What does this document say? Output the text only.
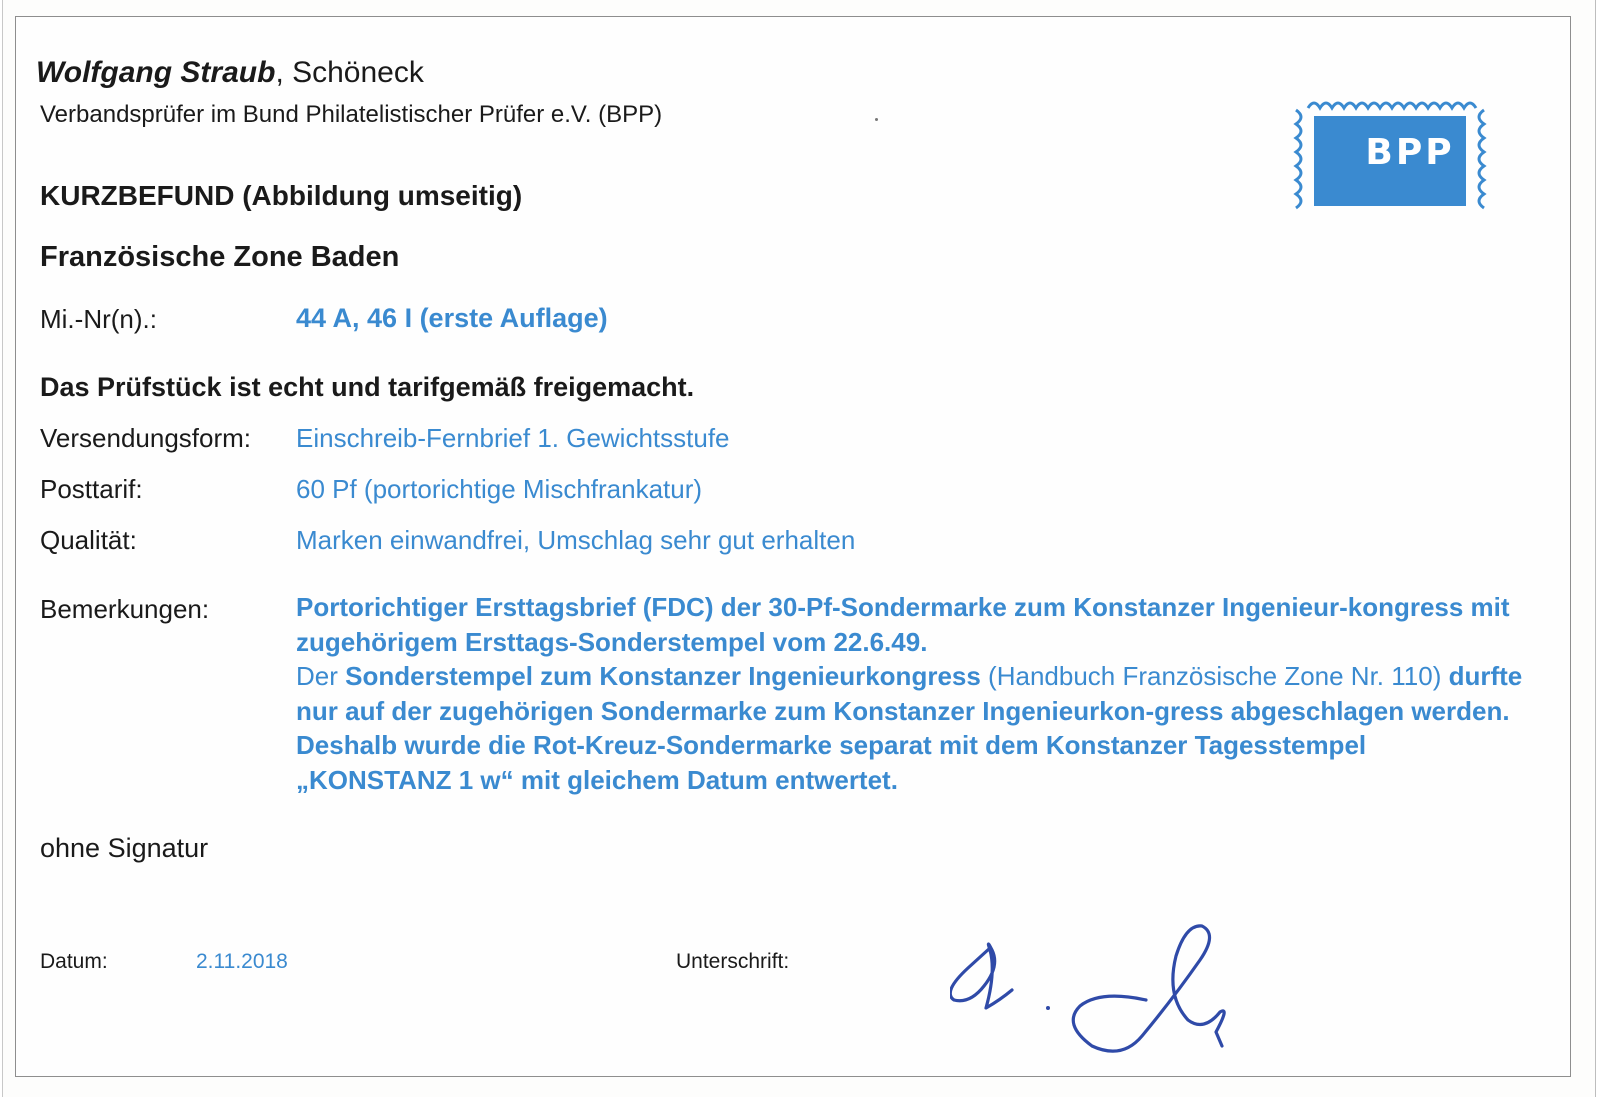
Wolfgang Straub, Schöneck

Verbandsprüfer im Bund Philatelistischer Prüfer e.V. (BPP)

BPP

KURZBEFUND (Abbildung umseitig)

Französische Zone Baden

Mi.-Nr(n).:	44 A, 46 I (erste Auflage)

Das Prüfstück ist echt und tarifgemäß freigemacht.

Versendungsform: Einschreib-Fernbrief 1. Gewichtsstufe

Posttarif:	60 Pf (portorichtige Mischfrankatur)

Qualität:	Marken einwandfrei, Umschlag sehr gut erhalten

Bemerkungen:	Portorichtiger Ersttagsbrief (FDC) der 30-Pf-Sondermarke zum Konstanzer Ingenieur-kongress mit zugehörigem Ersttags-Sonderstempel vom 22.6.49.
Der Sonderstempel zum Konstanzer Ingenieurkongress (Handbuch Französische Zone Nr. 110) durfte nur auf der zugehörigen Sondermarke zum Konstanzer Ingenieurkon-gress abgeschlagen werden. Deshalb wurde die Rot-Kreuz-Sondermarke separat mit dem Konstanzer Tagesstempel „KONSTANZ 1 w“ mit gleichem Datum entwertet.

ohne Signatur

Datum:	2.11.2018	Unterschrift:
